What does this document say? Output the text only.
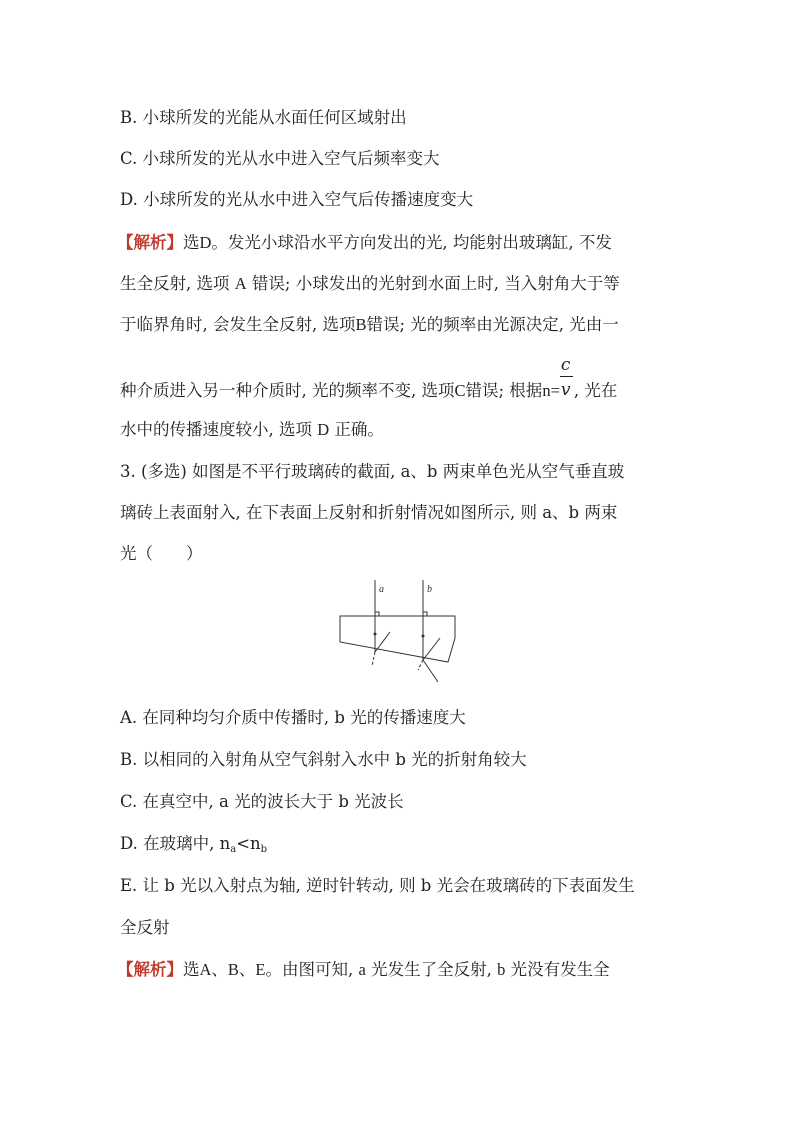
B. 小球所发的光能从水面任何区域射出
C. 小球所发的光从水中进入空气后频率变大
D. 小球所发的光从水中进入空气后传播速度变大
【解析】选D。发光小球沿水平方向发出的光, 均能射出玻璃缸, 不发
生全反射, 选项 A 错误; 小球发出的光射到水面上时, 当入射角大于等
于临界角时, 会发生全反射, 选项B错误; 光的频率由光源决定, 光由一
种介质进入另一种介质时, 光的频率不变, 选项C错误; 根据$n= \frac{c}{v}$ , 光在
水中的传播速度较小, 选项 D 正确。
3. (多选) 如图是不平行玻璃砖的截面, a、b 两束单色光从空气垂直玻
璃砖上表面射入, 在下表面上反射和折射情况如图所示, 则 a、b 两束
光（　　）
a	b
A. 在同种均匀介质中传播时, b 光的传播速度大
B. 以相同的入射角从空气斜射入水中 b 光的折射角较大
C. 在真空中, a 光的波长大于 b 光波长
D. 在玻璃中, $n_a<n_b$
E. 让 b 光以入射点为轴, 逆时针转动, 则 b 光会在玻璃砖的下表面发生
全反射
【解析】选A、B、E。由图可知, a 光发生了全反射, b 光没有发生全
